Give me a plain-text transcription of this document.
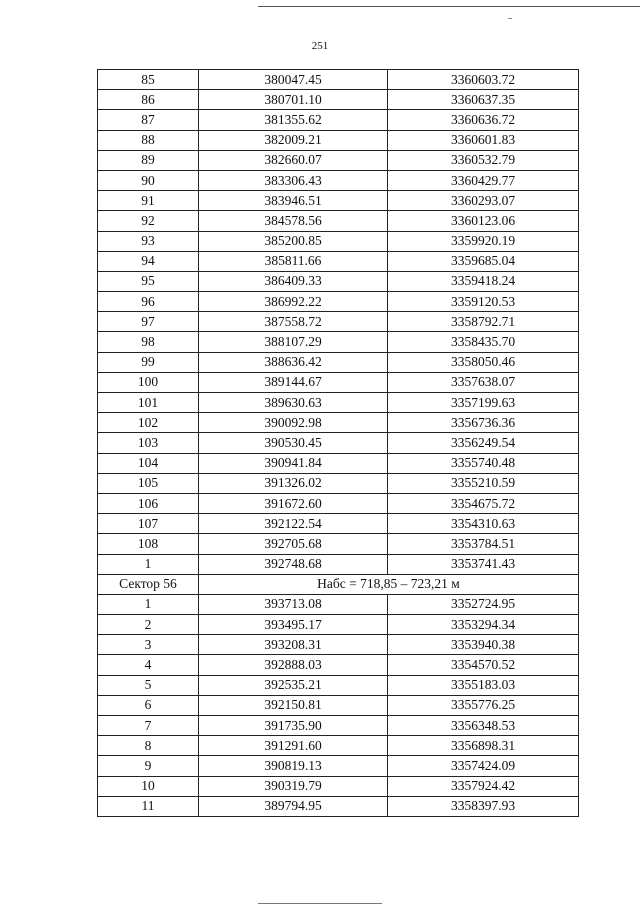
251
85	380047.45	3360603.72
86	380701.10	3360637.35
87	381355.62	3360636.72
88	382009.21	3360601.83
89	382660.07	3360532.79
90	383306.43	3360429.77
91	383946.51	3360293.07
92	384578.56	3360123.06
93	385200.85	3359920.19
94	385811.66	3359685.04
95	386409.33	3359418.24
96	386992.22	3359120.53
97	387558.72	3358792.71
98	388107.29	3358435.70
99	388636.42	3358050.46
100	389144.67	3357638.07
101	389630.63	3357199.63
102	390092.98	3356736.36
103	390530.45	3356249.54
104	390941.84	3355740.48
105	391326.02	3355210.59
106	391672.60	3354675.72
107	392122.54	3354310.63
108	392705.68	3353784.51
1	392748.68	3353741.43
Сектор 56	Набс = 718,85 – 723,21 м	
1	393713.08	3352724.95
2	393495.17	3353294.34
3	393208.31	3353940.38
4	392888.03	3354570.52
5	392535.21	3355183.03
6	392150.81	3355776.25
7	391735.90	3356348.53
8	391291.60	3356898.31
9	390819.13	3357424.09
10	390319.79	3357924.42
11	389794.95	3358397.93
